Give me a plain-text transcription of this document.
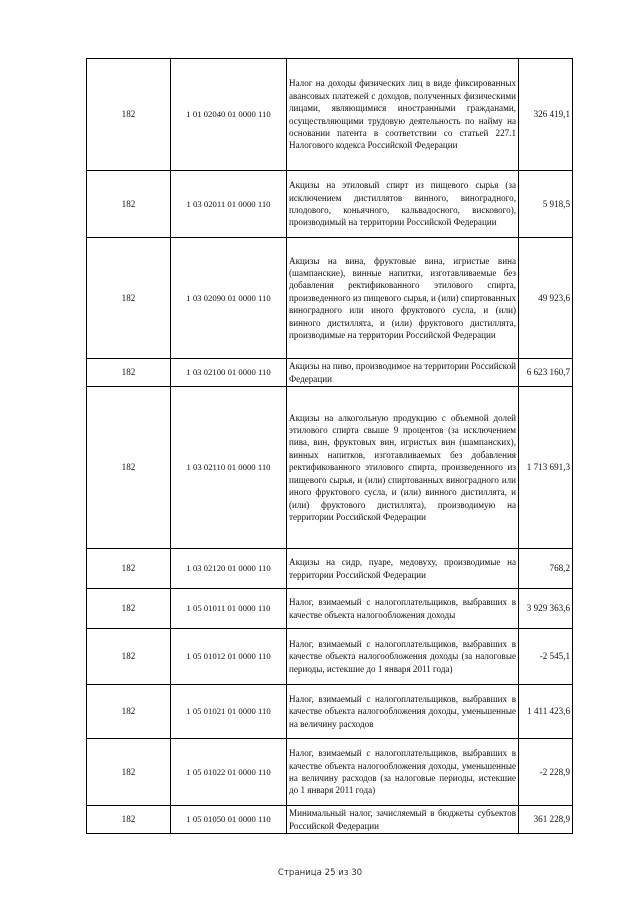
182	1 01 02040 01 0000 110	Налог на доходы физических лиц в виде фиксированных авансовых платежей с доходов, полученных физическими лицами, являющимися иностранными гражданами, осуществляющими трудовую деятельность по найму на основании патента в соответствии со статьей 227.1 Налогового кодекса Российской Федерации	326 419,1
182	1 03 02011 01 0000 110	Акцизы на этиловый спирт из пищевого сырья (за исключением дистиллятов винного, виноградного, плодового, коньячного, кальвадосного, вискового), производимый на территории Российской Федерации	5 918,5
182	1 03 02090 01 0000 110	Акцизы на вина, фруктовые вина, игристые вина (шампанские), винные напитки, изготавливаемые без добавления ректификованного этилового спирта, произведенного из пищевого сырья, и (или) спиртованных виноградного или иного фруктового сусла, и (или) винного дистиллята, и (или) фруктового дистиллята, производимые на территории Российской Федерации	49 923,6
182	1 03 02100 01 0000 110	Акцизы на пиво, производимое на территории Российской Федерации	6 623 160,7
182	1 03 02110 01 0000 110	Акцизы на алкогольную продукцию с объемной долей этилового спирта свыше 9 процентов (за исключением пива, вин, фруктовых вин, игристых вин (шампанских), винных напитков, изготавливаемых без добавления ректификованного этилового спирта, произведенного из пищевого сырья, и (или) спиртованных виноградного или иного фруктового сусла, и (или) винного дистиллята, и (или) фруктового дистиллята), производимую на территории Российской Федерации	1 713 691,3
182	1 03 02120 01 0000 110	Акцизы на сидр, пуаре, медовуху, производимые на территории Российской Федерации	768,2
182	1 05 01011 01 0000 110	Налог, взимаемый с налогоплательщиков, выбравших в качестве объекта налогообложения доходы	3 929 363,6
182	1 05 01012 01 0000 110	Налог, взимаемый с налогоплательщиков, выбравших в качестве объекта налогообложения доходы (за налоговые периоды, истекшие до 1 января 2011 года)	-2 545,1
182	1 05 01021 01 0000 110	Налог, взимаемый с налогоплательщиков, выбравших в качестве объекта налогообложения доходы, уменьшенные на величину расходов	1 411 423,6
182	1 05 01022 01 0000 110	Налог, взимаемый с налогоплательщиков, выбравших в качестве объекта налогообложения доходы, уменьшенные на величину расходов (за налоговые периоды, истекшие до 1 января 2011 года)	-2 228,9
182	1 05 01050 01 0000 110	Минимальный налог, зачисляемый в бюджеты субъектов Российской Федерации	361 228,9
Страница 25 из 30
